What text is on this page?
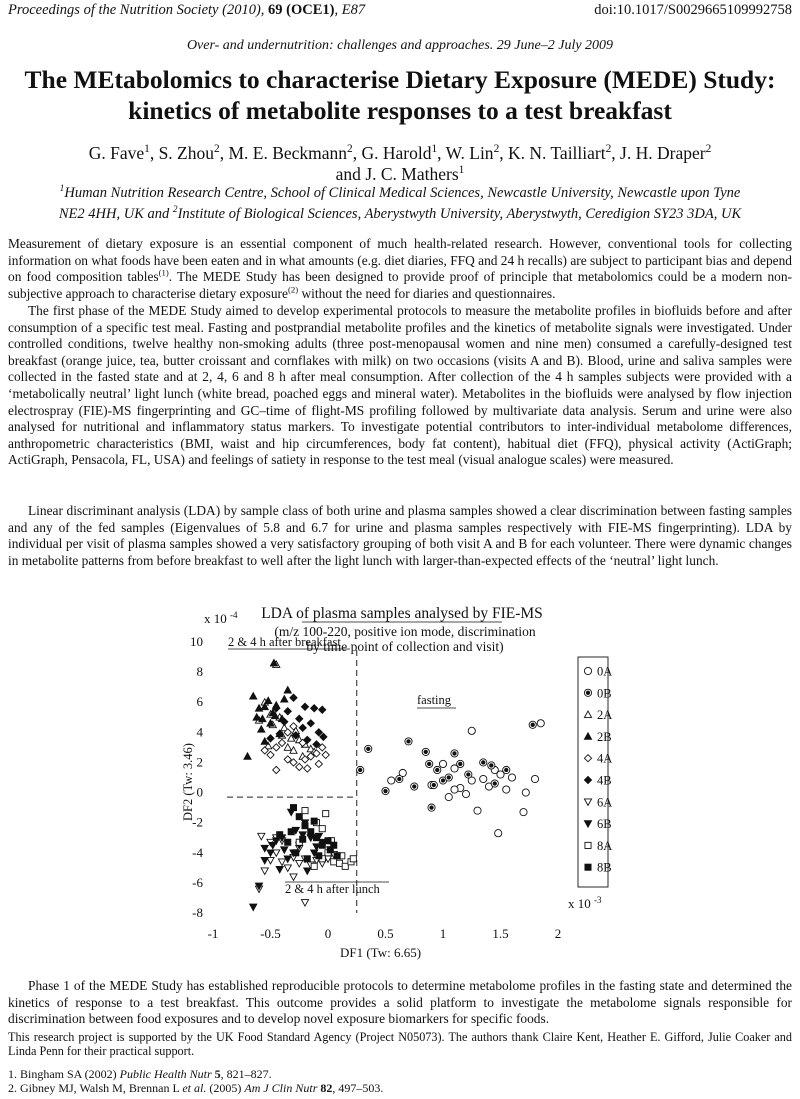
Proceedings of the Nutrition Society (2010), 69 (OCE1), E87	doi:10.1017/S0029665109992758
Over- and undernutrition: challenges and approaches. 29 June–2 July 2009
The MEtabolomics to characterise Dietary Exposure (MEDE) Study:
kinetics of metabolite responses to a test breakfast
G. Fave$^1$, S. Zhou$^2$, M. E. Beckmann$^2$, G. Harold$^1$, W. Lin$^2$, K. N. Tailliart$^2$, J. H. Draper$^2$
and J. C. Mathers$^1$
$^1$Human Nutrition Research Centre, School of Clinical Medical Sciences, Newcastle University, Newcastle upon Tyne
NE2 4HH, UK and $^2$Institute of Biological Sciences, Aberystwyth University, Aberystwyth, Ceredigion SY23 3DA, UK

Measurement of dietary exposure is an essential component of much health-related research. However, conventional tools for collecting information on what foods have been eaten and in what amounts (e.g. diet diaries, FFQ and 24 h recalls) are subject to participant bias and depend on food composition tables$^{(1)}$. The MEDE Study has been designed to provide proof of principle that metabolomics could be a modern non-subjective approach to characterise dietary exposure$^{(2)}$ without the need for diaries and questionnaires.

The first phase of the MEDE Study aimed to develop experimental protocols to measure the metabolite profiles in biofluids before and after consumption of a specific test meal. Fasting and postprandial metabolite profiles and the kinetics of metabolite signals were investigated. Under controlled conditions, twelve healthy non-smoking adults (three post-menopausal women and nine men) consumed a carefully-designed test breakfast (orange juice, tea, butter croissant and cornflakes with milk) on two occasions (visits A and B). Blood, urine and saliva samples were collected in the fasted state and at 2, 4, 6 and 8 h after meal consumption. After collection of the 4 h samples subjects were provided with a ‘metabolically neutral’ light lunch (white bread, poached eggs and mineral water). Metabolites in the biofluids were analysed by flow injection electrospray (FIE)-MS fingerprinting and GC–time of flight-MS profiling followed by multivariate data analysis. Serum and urine were also analysed for nutritional and inflammatory status markers. To investigate potential contributors to inter-individual metabolome differences, anthropometric characteristics (BMI, waist and hip circumferences, body fat content), habitual diet (FFQ), physical activity (ActiGraph; ActiGraph, Pensacola, FL, USA) and feelings of satiety in response to the test meal (visual analogue scales) were measured.

Linear discriminant analysis (LDA) by sample class of both urine and plasma samples showed a clear discrimination between fasting samples and any of the fed samples (Eigenvalues of 5.8 and 6.7 for urine and plasma samples respectively with FIE-MS fingerprinting). LDA by individual per visit of plasma samples showed a very satisfactory grouping of both visit A and B for each volunteer. There were dynamic changes in metabolite patterns from before breakfast to well after the light lunch with larger-than-expected effects of the ‘neutral’ light lunch.

-1	-0.5	0	0.5	1	1.5	2
10
8
6
4
2
0
-2
-4
-6
-8
x 10 $^{-4}$
x 10 $^{-3}$
DF1 (Tw: 6.65)
DF2 (Tw: 3.46)
LDA of plasma samples analysed by FIE-MS
(m/z 100-220, positive ion mode, discrimination
by time point of collection and visit)
2 & 4 h after breakfast
fasting
2 & 4 h after lunch
0A
0B
2A
2B
4A
4B
6A
6B
8A
8B

Phase 1 of the MEDE Study has established reproducible protocols to determine metabolome profiles in the fasting state and determined the kinetics of response to a test breakfast. This outcome provides a solid platform to investigate the metabolome signals responsible for discrimination between food exposures and to develop novel exposure biomarkers for specific foods.

This research project is supported by the UK Food Standard Agency (Project N05073). The authors thank Claire Kent, Heather E. Gifford, Julie Coaker and Linda Penn for their practical support.

1. Bingham SA (2002) Public Health Nutr 5, 821–827.
2. Gibney MJ, Walsh M, Brennan L et al. (2005) Am J Clin Nutr 82, 497–503.
